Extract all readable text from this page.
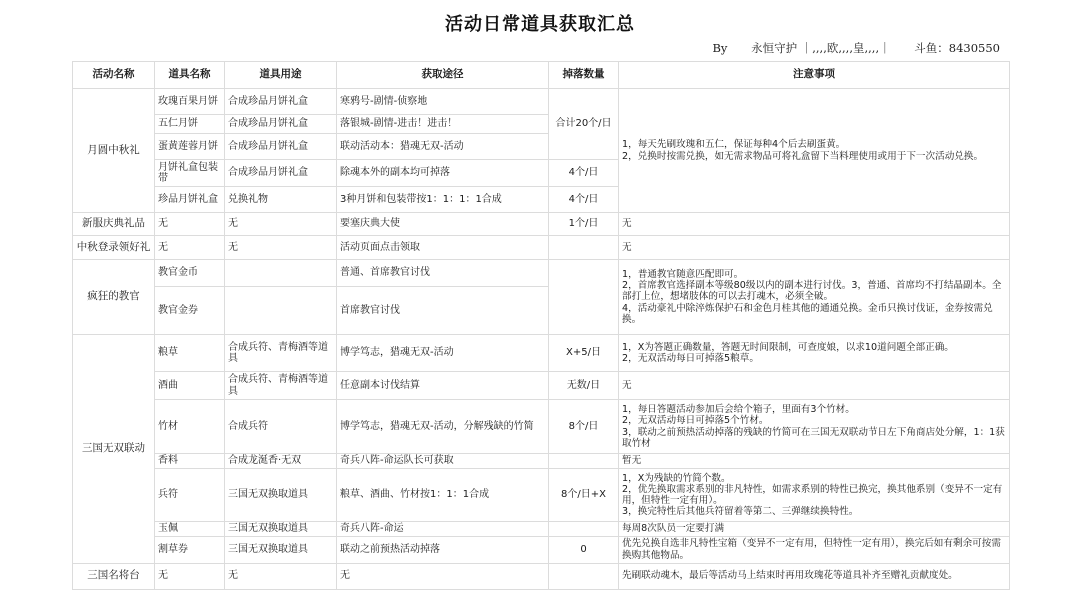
活动日常道具获取汇总
By 永恒守护 ｜,,,,欧,,,,皇,,,,｜ 斗鱼：8430550
活动名称	道具名称	道具用途	获取途径	掉落数量	注意事项
月圆中秋礼	玫瑰百果月饼	合成珍品月饼礼盒	寒鸦号-剧情-侦察地	合计20个/日	1，每天先刷玫瑰和五仁，保证每种4个后去刷蛋黄。
2，兑换时按需兑换，如无需求物品可将礼盒留下当料理使用或用于下一次活动兑换。
	五仁月饼	合成珍品月饼礼盒	落银城-剧情-进击！进击！		
	蛋黄莲蓉月饼	合成珍品月饼礼盒	联动活动本：猎魂无双-活动		
	月饼礼盒包装带	合成珍品月饼礼盒	除魂本外的副本均可掉落	4个/日	
	珍品月饼礼盒	兑换礼物	3种月饼和包装带按1：1：1：1合成	4个/日	
新服庆典礼品	无	无	要塞庆典大使	1个/日	无
中秋登录领好礼	无	无	活动页面点击领取		无
疯狂的教官	教官金币		普通、首席教官讨伐		1，普通教官随意匹配即可。
2，首席教官选择副本等级80级以内的副本进行讨伐。3，普通、首席均不打结晶副本。全部打上位，想堵肢体的可以去打魂木，必须全破。
4，活动豪礼中除淬炼保护石和金色月桂其他的通通兑换。金币只换讨伐证，金券按需兑换。
	教官金券		首席教官讨伐		
三国无双联动	粮草	合成兵符、青梅酒等道具	博学笃志，猎魂无双-活动	X+5/日	1，X为答题正确数量，答题无时间限制，可查度娘，以求10道问题全部正确。
2，无双活动每日可掉落5粮草。
	酒曲	合成兵符、青梅酒等道具	任意副本讨伐结算	无数/日	无
	竹材	合成兵符	博学笃志，猎魂无双-活动，分解残缺的竹简	8个/日	1，每日答题活动参加后会给个箱子，里面有3个竹材。
2，无双活动每日可掉落5个竹材。
3，联动之前预热活动掉落的残缺的竹简可在三国无双联动节日左下角商店处分解，1：1获取竹材
	香料	合成龙涎香·无双	奇兵八阵-命运队长可获取		暂无
	兵符	三国无双换取道具	粮草、酒曲、竹材按1：1：1合成	8个/日+X	1，X为残缺的竹简个数。
2，优先换取需求系别的非凡特性，如需求系别的特性已换完，换其他系别（变异不一定有用，但特性一定有用）。
3，换完特性后其他兵符留着等第二、三弹继续换特性。
	玉佩	三国无双换取道具	奇兵八阵-命运		每周8次队员一定要打满
	割草券	三国无双换取道具	联动之前预热活动掉落	0	优先兑换自选非凡特性宝箱（变异不一定有用，但特性一定有用），换完后如有剩余可按需换购其他物品。
三国名将台	无	无	无		先刷联动魂木，最后等活动马上结束时再用玫瑰花等道具补齐至赠礼贡献度处。
